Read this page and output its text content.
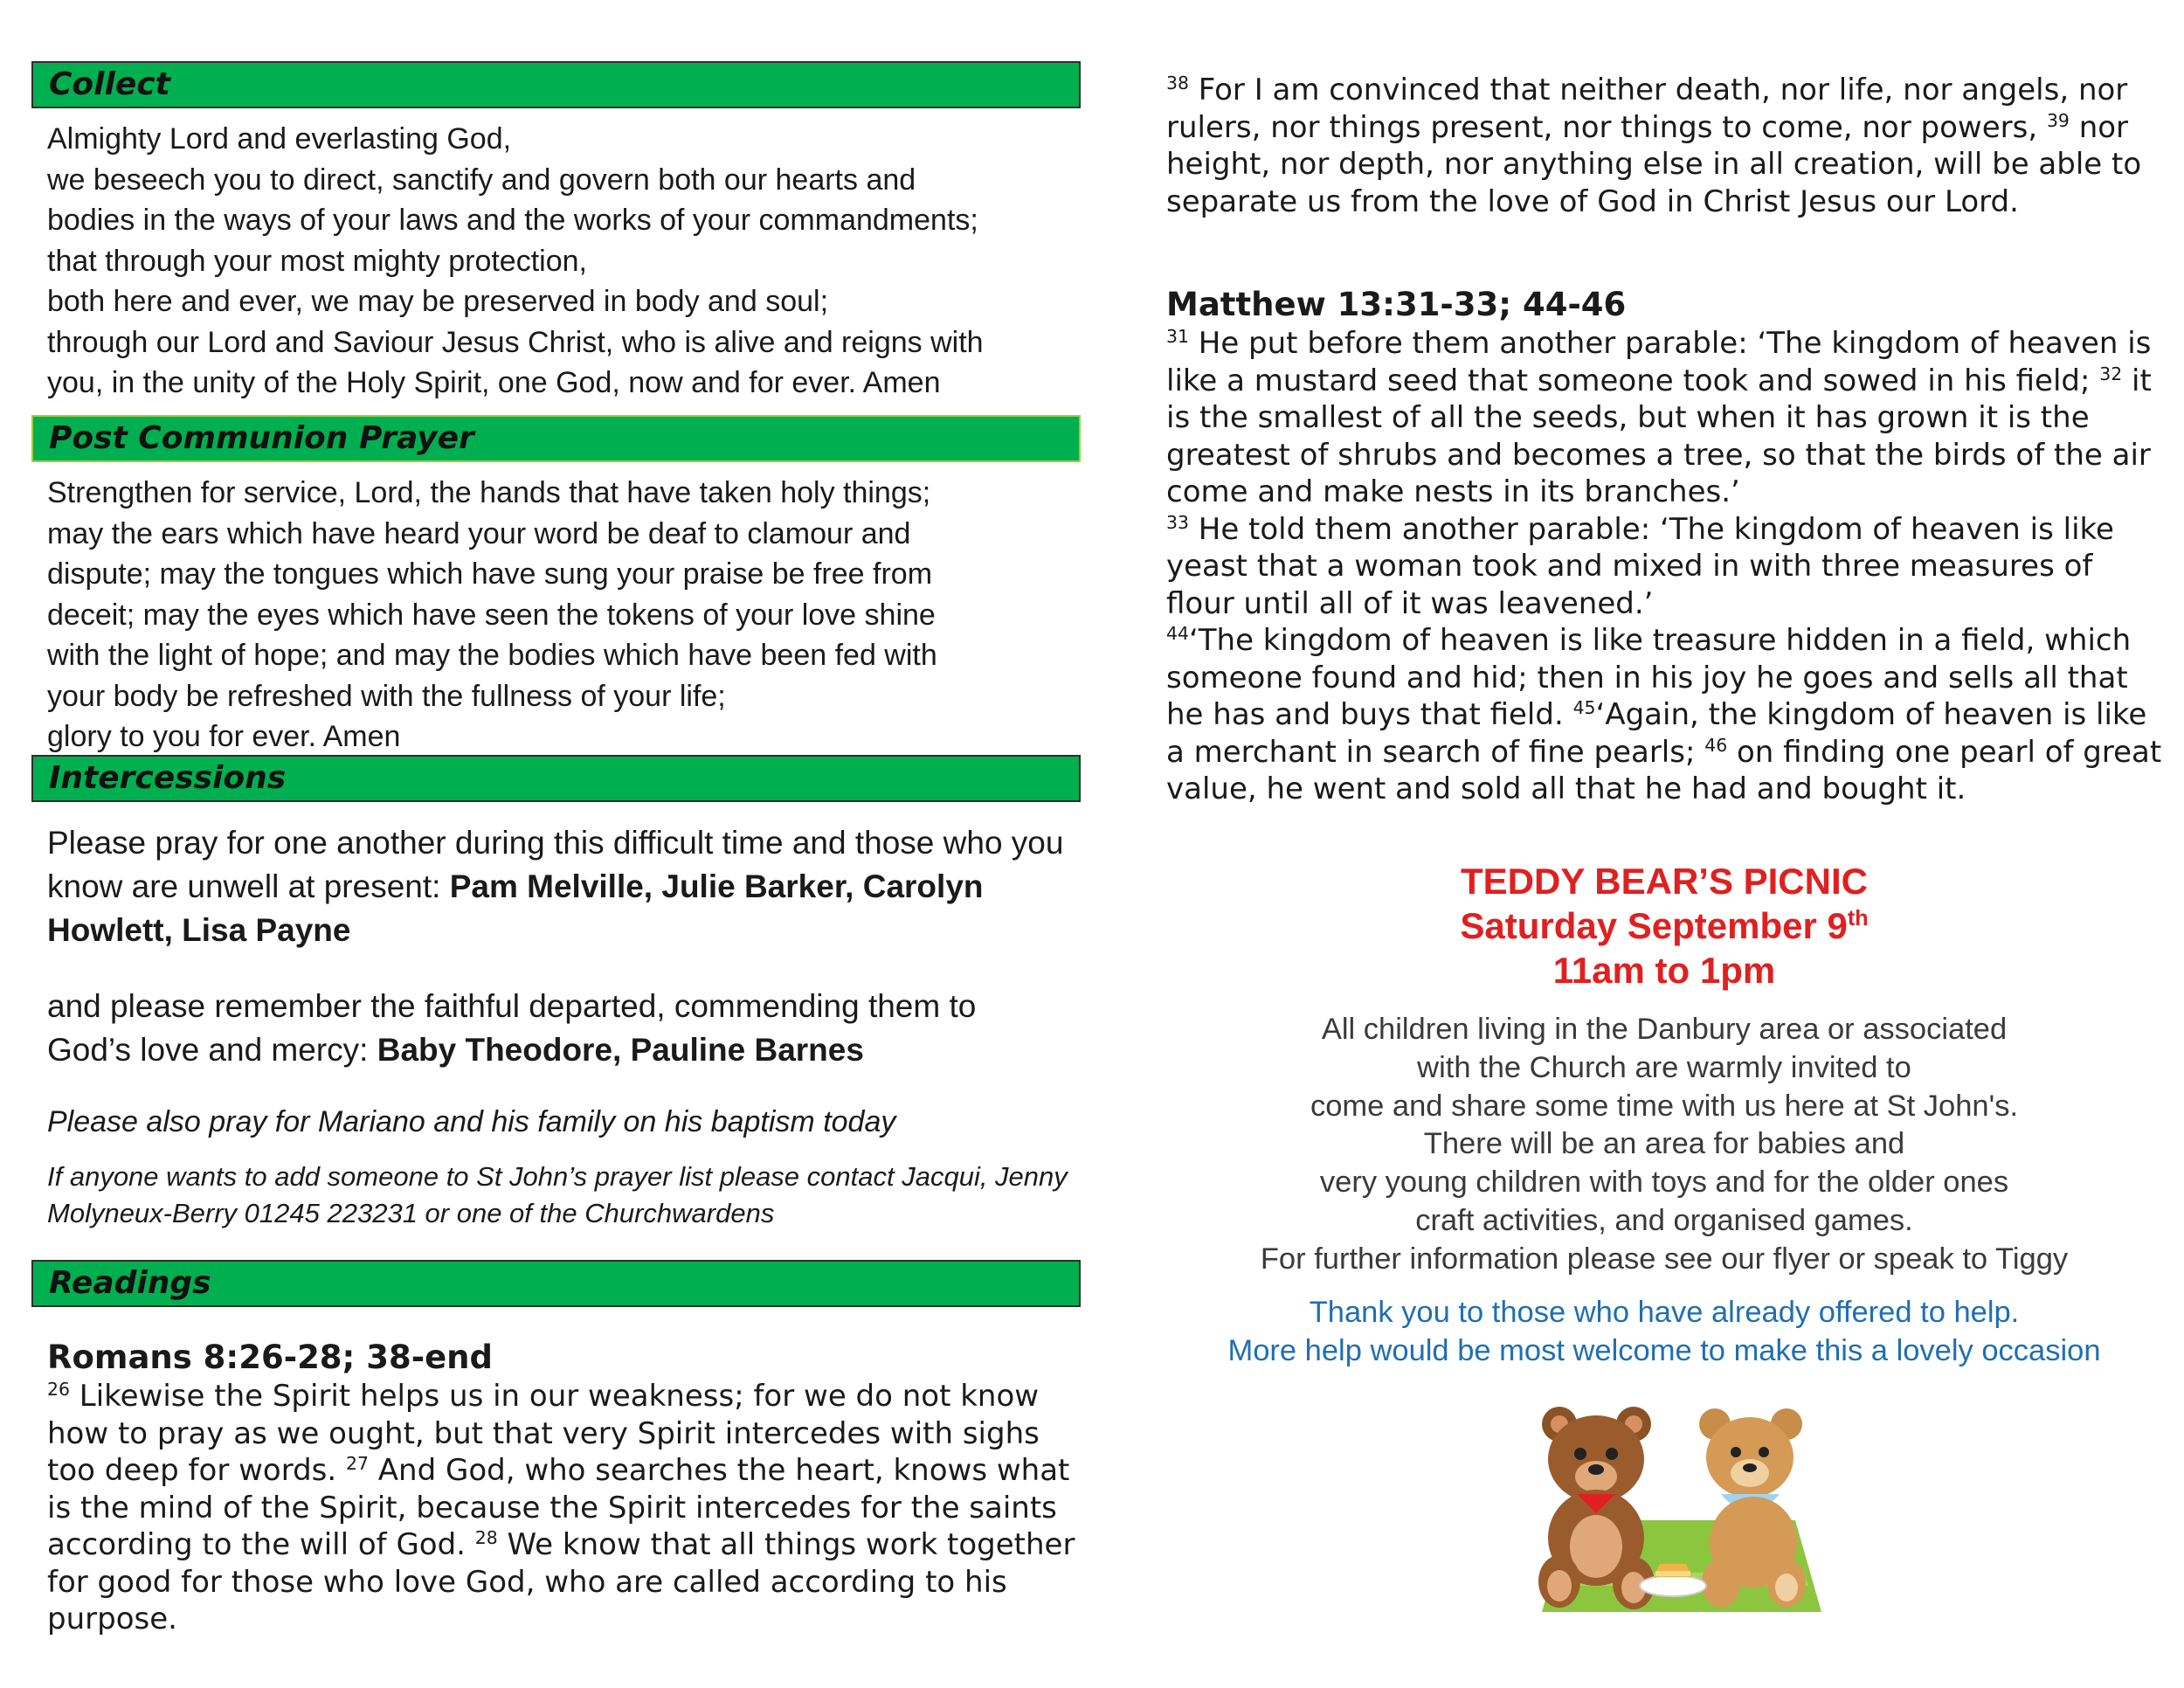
Collect
Almighty Lord and everlasting God,
we beseech you to direct, sanctify and govern both our hearts and
bodies in the ways of your laws and the works of your commandments;
that through your most mighty protection,
both here and ever, we may be preserved in body and soul;
through our Lord and Saviour Jesus Christ, who is alive and reigns with
you, in the unity of the Holy Spirit, one God, now and for ever. Amen
Post Communion Prayer
Strengthen for service, Lord, the hands that have taken holy things;
may the ears which have heard your word be deaf to clamour and
dispute; may the tongues which have sung your praise be free from
deceit; may the eyes which have seen the tokens of your love shine
with the light of hope; and may the bodies which have been fed with
your body be refreshed with the fullness of your life;
glory to you for ever. Amen
Intercessions
Please pray for one another during this difficult time and those who you know are unwell at present: Pam Melville, Julie Barker, Carolyn Howlett, Lisa Payne
and please remember the faithful departed, commending them to God’s love and mercy: Baby Theodore, Pauline Barnes
Please also pray for Mariano and his family on his baptism today
If anyone wants to add someone to St John’s prayer list please contact Jacqui, Jenny Molyneux-Berry 01245 223231 or one of the Churchwardens
Readings
Romans 8:26-28; 38-end
$^{26}$ Likewise the Spirit helps us in our weakness; for we do not know how to pray as we ought, but that very Spirit intercedes with sighs too deep for words. $^{27}$ And God, who searches the heart, knows what is the mind of the Spirit, because the Spirit intercedes for the saints according to the will of God. $^{28}$ We know that all things work together for good for those who love God, who are called according to his purpose.
$^{38}$ For I am convinced that neither death, nor life, nor angels, nor rulers, nor things present, nor things to come, nor powers, $^{39}$ nor height, nor depth, nor anything else in all creation, will be able to separate us from the love of God in Christ Jesus our Lord.
Matthew 13:31-33; 44-46
$^{31}$ He put before them another parable: ‘The kingdom of heaven is like a mustard seed that someone took and sowed in his field; $^{32}$ it is the smallest of all the seeds, but when it has grown it is the greatest of shrubs and becomes a tree, so that the birds of the air come and make nests in its branches.’
$^{33}$ He told them another parable: ‘The kingdom of heaven is like yeast that a woman took and mixed in with three measures of flour until all of it was leavened.’
$^{44}$‘The kingdom of heaven is like treasure hidden in a field, which someone found and hid; then in his joy he goes and sells all that he has and buys that field. $^{45}$‘Again, the kingdom of heaven is like a merchant in search of fine pearls; $^{46}$ on finding one pearl of great value, he went and sold all that he had and bought it.
TEDDY BEAR’S PICNIC
Saturday September 9th
11am to 1pm
All children living in the Danbury area or associated
with the Church are warmly invited to
come and share some time with us here at St John's.
There will be an area for babies and
very young children with toys and for the older ones
craft activities, and organised games.
For further information please see our flyer or speak to Tiggy
Thank you to those who have already offered to help.
More help would be most welcome to make this a lovely occasion
